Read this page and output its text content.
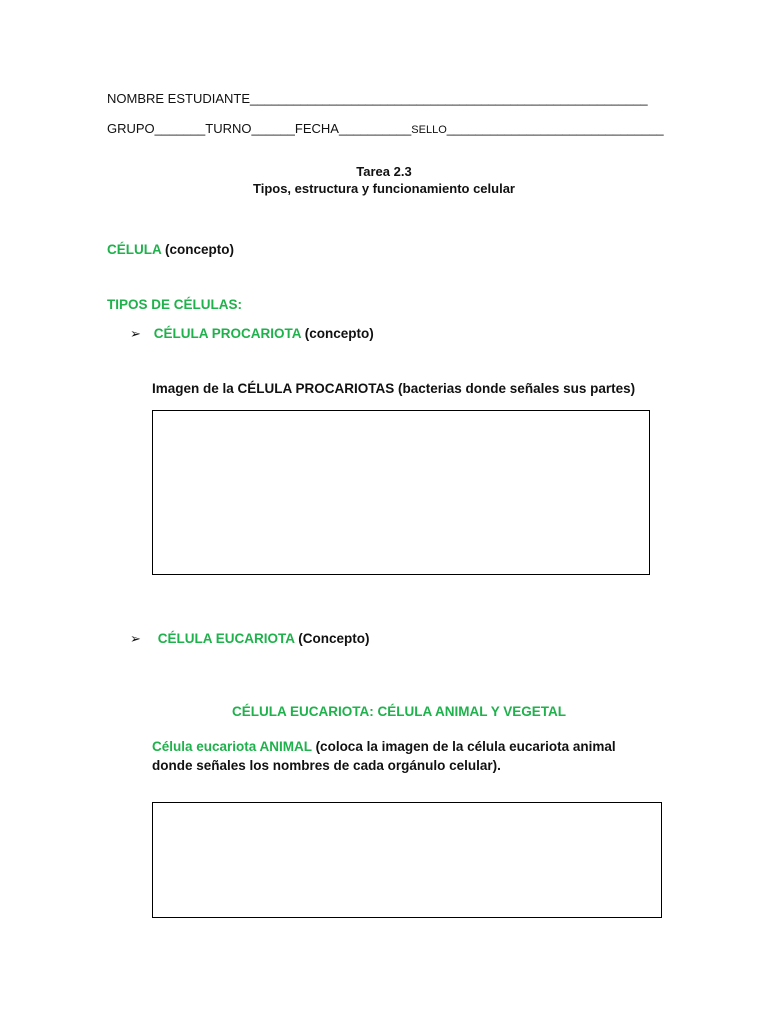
NOMBRE ESTUDIANTE_______________________________________________________
GRUPO_______TURNO______FECHA__________SELLO______________________________
Tarea 2.3
Tipos, estructura y funcionamiento celular
CÉLULA (concepto)
TIPOS DE CÉLULAS:
➢ CÉLULA PROCARIOTA (concepto)
Imagen de la CÉLULA PROCARIOTAS (bacterias donde señales sus partes)
➢ CÉLULA EUCARIOTA (Concepto)
CÉLULA EUCARIOTA: CÉLULA ANIMAL Y VEGETAL
Célula eucariota ANIMAL (coloca la imagen de la célula eucariota animal
donde señales los nombres de cada orgánulo celular).
